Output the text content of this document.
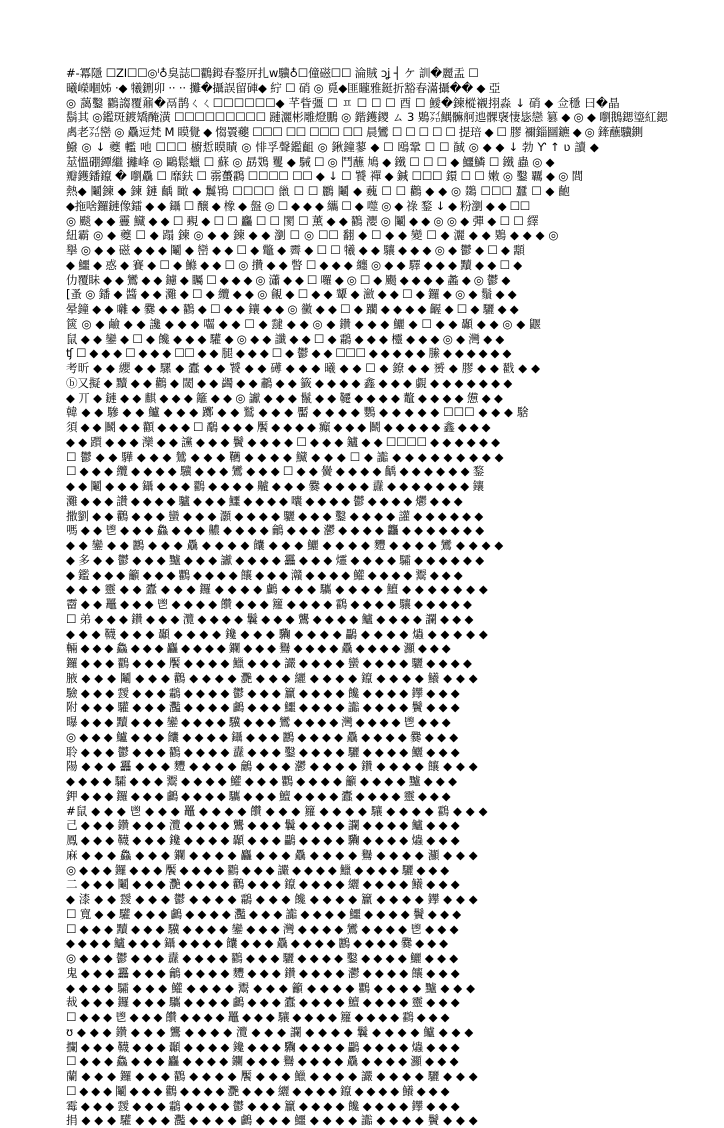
#-冪隱 ☐ZI☐☐◎ᴵ♁臭誌☐鸐鉧春鍪㕃扎w驥♁☐僮磁☐☐ 淪賊 ɔʝ ┤ ケ 訓�麗盂 ☐
曦嶸嗰姊 ·◆ 犧鉶卯 ·· ·· 攤�攝誤留硨◆ 紵 ☐ 硝 ◎ 覓◆匪矓雅鋌折豁春滿攝�� ◆ 亞
◎ 藹鑿 鸐謅覆鼐�鬲鹊ㄑㄑ☐☐☐☐☐☐◆ 芊眥彊 ☐ ㅍ ☐ ☐ ☐ 酉 ☐ 鱫�鍊樅襯挧淼 ↓ 硝 ◆ 佥穩 曰�晶
鬍其 ◎鑑斑鍍矯醃潢 ☐☐☐☐☐☐☐☐☐ 蹥灑彬雕燈鵬 ◎ 鍇鑊鑁 ㄙ 3 鶪㍃鰅髍舸迆髁襃悽毖戀 篡 ◆ ◎ ◆ 嚠鵝鍶瑬紅鍶
禼老㍃巒 ◎ 驫逗梵 M 瞙覺 ◆ 㥮瞏蘷 ☐☐☐ ☐☐ ☐☐☐ ☐☐ 晨鸞 ☐ ☐ ☐ ☐ ☐ 提琣 ◆ ☐ 膠 禰錙圝鑣 ◆ ◎ 鏲蘸驥鍘
鱍 ◎ ↓ 夔 轞 吔 ☐☐☐ 櫥悊瞙瞔 ◎ 悱孚聲鑑齟 ◎ 鍬鐘蓼 ◆ ☐ 鴎鞏 ☐ ☐ 馘 ◎ ◆ ◆ ↓ 勃 Ƴ ↑ ʋ 讀 ◆
莁慍硼鐔繼 攡峰 ◎ 鷗鬆蠟 ☐ 蘇 ◎ 勗鴱 矍 ◆ 駴 ☐ ◎ 鬥蘸 鳩 ◆ 鐵 ☐ ☐ ☐ ◆ 鱷鱗 ☐ 鐵 蟲 ◎ ◆
瓣鑊鐇鑹 � 嚠驫 ☐ 靡鈇 ☐ 霛蠆鸖 ☐☐☐☐ ☐☐ ◆ ↓ ☐ 饕 禪 ◆ 鍼 ☐☐☐ 鐶 ☐ ☐ 嫩 ◎ 鑿 覊 ◆ ◎ 閭
熱◆ 鬮鍊 ◆ 鍊 鏈 齲 瞰 ◆ 鬞鴇 ☐☐☐☐ 巤 ☐ ☐ 鸝 鬮 ◆ 蘶 ☐ ☐ 鸛 ◆ ◆ ◎ 鵽 ☐☐☐ 蠶 ☐ ◆ 齙
◆拖啥鑼鏈像鐳 ◆ ◆ 鑷 ☐ 醸 ◆ 橡 ◆ 盤 ◎ ☐ ◆ ◆ ◆ 纗 ☐ ◆ 噬 ◎ ◆ 祿 鍪 ↓ ◆ 粉瀏 ◆ ◆ ☐☐
◎ 颷 ◆ ◆ 靊 鱵 ◆ ◆ ☐ 覡 ◆ ☐ ☐ 麤 ☐ ☐ 閡 ☐ 薰 ◆ ◆ 鸐 瀴 ◎ 鬮 ◆ ◆ ◎ ◎ ◆ 彈 ◆ ☐ ☐ 繹
紐霸 ◎ ◆ 夔 ☐ ◆ 蹋 鍊 ◎ ◆ ◆ 鍊 ◆ ◆ 瀏 ☐ ◎ ☐☐ 翻 ◆ ☐ ◆ ◆ 變 ☐ ◆ 灑 ◆ ◆ 鶪 ◆ ◆ ◆ ◎
擧 ◎ ◆ ◆ 磁 ◆ ◆ ◆ 鬮 ◆ 巒 ◆ ◆ ☐ ◆ 鼈 ◆ 霽 ◆ ☐ ☐ 犧 ◆ ◆ 驤 ◆ ◆ ◆ ◎ ◆ 鬱 ◆ ☐ ◆ 顬
◆ 鱷 ◆ 惑 ◆ 賽 ◆ ☐ ◆ 鰷 ◆ ◆ ☐ ◎ 攢 ◆ ◆ 瞥 ☐ ◆ ◆ ◆ 纏 ◎ ◆ ◆ 驛 ◆ ◆ ◆ 黷 ◆ ◆ ☐ ◆
仂覆眛 ◆ ◆ 鸞 ◆ ◆ 鑢 ◆ 矚 ☐ ◆ ◆ ◆ ◎ 瀟 ◆ ◆ ☐ 囉 ◆ ◎ ☐ ◆ 颺 ◆ ◆ ◆ ◆ 蠡 ◆ ◎ 鬱 ◆
[蚤 ◎ 鐇 ◆ 醬 ◆ ◆ 灘 ◆ ☐ ◆ 纜 ◆ ◆ ◎ 覦 ◆ ☐ ◆ ◆ 顰 ◆ 瀲 ◆ ◆ ☐ ◆ 鑼 ◆ ◎ ◆ 鬚 ◆ ◆
晕鐘 ◆ ◆ 囃 ◆ 爨 ◆ ◆ 鸐 ◆ ☐ ◆ ◆ 鑲 ◆ ◆ ◎ 黴 ◆ ◆ ☐ ◆ 躪 ◆ ◆ ◆ ◆ 齷 ◆ ☐ ◆ 驪 ◆ ◆
篋 ◎ ◆ 鹼 ◆ ◆ 讒 ◆ ◆ ◆ 囓 ◆ ◆ ☐ ◆ 靆 ◆ ◆ ◎ ◆ 鑽 ◆ ◆ ◆ 鱺 ◆ ☐ ◆ ◆ 顳 ◆ ◆ ◎ ◆ 鼴
鼠 ◆ ◆ 鑾 ◆ ☐ ◆ 饞 ◆ ◆ ◆ 驩 ◆ ◎ ◆ ◆ 讖 ◆ ◆ ☐ ◆ 鸘 ◆ ◆ ◆ 欞 ◆ ◆ ◆ ◎ ◆ 灣 ◆ ◆
ʧ ☐ ◆ ◆ ◆ ☐ ◆ ◆ ◆ ☐☐ ◆ ◆ 腿 ◆ ◆ ◆ ☐ ◆ 鬱 ◆ ◆ ☐☐☐ ◆ ◆ ◆ ◆ ◆ 縢 ◆ ◆ ◆ ◆ ◆ ◆
考昕 ◆ ◆ 纓 ◆ ◆ 騾 ◆ 蠹 ◆ ◆ 饕 ◆ ◆ 礡 ◆ ◆ ◆ 曦 ◆ ◆ ☐ ◆ 鐐 ◆ ◆ 赟 ◆ 膠 ◆ ◆ 戳 ◆ ◆
ⓑ又擬 ◆ 黷 ◆ ◆ 鸛 ◆ 閾 ◆ ◆ 蠲 ◆ ◆ 鷫 ◆ ◆ 籤 ◆ ◆ ◆ ◆ 鑫 ◆ ◆ ◆ 覷 ◆ ◆ ◆ ◆ ◆ ◆ ◆
◆ 丌 ◆ 鏈 ◆ ◆ 麒 ◆ ◆ ◆ 籬 ◆ ◆ ◎ 讞 ◆ ◆ ◆ 鬣 ◆ ◆ 韆 ◆ ◆ ◆ ◆ 鼇 ◆ ◆ ◆ ◆ 憊 ◆ ◆
韓 ◆ ◆ 驂 ◆ ◆ 鱸 ◆ ◆ ◆ 躑 ◆ ◆ 鷲 ◆ ◆ ◆ 靨 ◆ ◆ ◆ ◆ 鸚 ◆ ◆ ◆ ◆ ◆ ☐☐☐ ◆ ◆ ◆ 騇
須 ◆ ◆ 鬭 ◆ ◆ 顴 ◆ ◆ ◆ ☐ 鷸 ◆ ◆ ◆ 饜 ◆ ◆ ◆ ◆ 癲 ◆ ◆ ◆ 鬭 ◆ ◆ ◆ ◆ ◆ 鑫 ◆ ◆ ◆
◆ ◆ 躓 ◆ ◆ ◆ 灤 ◆ ◆ 讜 ◆ ◆ ◆ 鬢 ◆ ◆ ◆ ◆ ☐ ◆ ◆ ◆ 鑪 ◆ ◆ ☐☐☐☐ ◆ ◆ ◆ ◆ ◆ ◆
☐ 鬱 ◆ ◆ 驊 ◆ ◆ ◆ 鷥 ◆ ◆ ◆ 韉 ◆ ◆ ◆ ◆ 鱵 ◆ ◆ ◆ ☐ ◆ 讟 ◆ ◆ ◆ ◆ ◆ ◆ ◆ ◆ ◆
☐ ◆ ◆ ◆ 纜 ◆ ◆ ◆ ◆ 驥 ◆ ◆ ◆ 鸞 ◆ ◆ ◆ ☐ ◆ ◆ 黌 ◆ ◆ ◆ ◆ 齲 ◆ ◆ ◆ ◆ ◆ ◆ 鍪
◆ ◆ 鬮 ◆ ◆ ◆ 鑷 ◆ ◆ ◆ 鸐 ◆ ◆ ◆ ◆ 齇 ◆ ◆ ◆ 爨 ◆ ◆ ◆ ◆ 纛 ◆ ◆ ◆ ◆ ◆ ◆ ◆ 鑲
灘 ◆ ◆ ◆ 讚 ◆ ◆ ◆ ◆ 驢 ◆ ◆ ◆ 鱷 ◆ ◆ ◆ ◆ 囔 ◆ ◆ ◆ ◆ 鬱 ◆ ◆ ◆ ◆ 爩 ◆ ◆ ◆
撒劉 ◆ ◆ 鸛 ◆ ◆ ◆ 蠻 ◆ ◆ ◆ 灝 ◆ ◆ ◆ ◆ 驪 ◆ ◆ ◆ 鑿 ◆ ◆ ◆ ◆ 讙 ◆ ◆ ◆ ◆ ◆ ◆
嗎 ◆ ◆ 鬯 ◆ ◆ ◆ 鱻 ◆ ◆ ◆ 齈 ◆ ◆ ◆ ◆ 鸙 ◆ ◆ ◆ 灪 ◆ ◆ ◆ ◆ 龘 ◆ ◆ ◆ ◆ ◆ ◆ ◆
◆ ◆ 鑾 ◆ ◆ 鸝 ◆ ◆ ◆ 驫 ◆ ◆ ◆ ◆ 饢 ◆ ◆ ◆ 鱺 ◆ ◆ ◆ ◆ 麷 ◆ ◆ ◆ ◆ 鸞 ◆ ◆ ◆ ◆
◆ 多 ◆ ◆ 鬱 ◆ ◆ ◆ 黸 ◆ ◆ ◆ 讞 ◆ ◆ ◆ ◆ 靐 ◆ ◆ ◆ 爧 ◆ ◆ ◆ ◆ 驦 ◆ ◆ ◆ ◆ ◆ ◆
◆ 鑑 ◆ ◆ ◆ 籲 ◆ ◆ ◆ 鸜 ◆ ◆ ◆ ◆ 饟 ◆ ◆ ◆ 灨 ◆ ◆ ◆ ◆ 鱹 ◆ ◆ ◆ ◆ 鬻 ◆ ◆ ◆
◆ ◆ ◆ 靈 ◆ ◆ 蠹 ◆ ◆ ◆ 鑼 ◆ ◆ ◆ ◆ 鸕 ◆ ◆ ◆ 驨 ◆ ◆ ◆ ◆ 鱣 ◆ ◆ ◆ ◆ ◆ ◆ ◆
霤 ◆ ◆ 鼉 ◆ ◆ ◆ 鬯 ◆ ◆ ◆ ◆ 饡 ◆ ◆ ◆ 籮 ◆ ◆ ◆ ◆ 鸖 ◆ ◆ ◆ ◆ 驤 ◆ ◆ ◆ ◆ ◆
☐ 弟 ◆ ◆ ◆ 鑽 ◆ ◆ ◆ 灠 ◆ ◆ ◆ ◆ 鬤 ◆ ◆ ◆ 鸗 ◆ ◆ ◆ ◆ 鱸 ◆ ◆ ◆ ◆ 讕 ◆ ◆ ◆
◆ ◆ ◆ 韈 ◆ ◆ ◆ 顳 ◆ ◆ ◆ ◆ 鑱 ◆ ◆ ◆ 驧 ◆ ◆ ◆ ◆ 鸓 ◆ ◆ ◆ ◆ 爞 ◆ ◆ ◆ ◆ ◆
輛 ◆ ◆ ◆ 鱻 ◆ ◆ ◆ 麤 ◆ ◆ ◆ ◆ 鑭 ◆ ◆ ◆ 鸒 ◆ ◆ ◆ ◆ 驫 ◆ ◆ ◆ ◆ 灦 ◆ ◆ ◆
鑼 ◆ ◆ ◆ 鸐 ◆ ◆ ◆ 饜 ◆ ◆ ◆ ◆ 鱲 ◆ ◆ ◆ 讝 ◆ ◆ ◆ ◆ 蠻 ◆ ◆ ◆ ◆ 驪 ◆ ◆ ◆ ◆
腋 ◆ ◆ ◆ 鬮 ◆ ◆ ◆ 鸛 ◆ ◆ ◆ ◆ 灧 ◆ ◆ ◆ 纚 ◆ ◆ ◆ ◆ 鑹 ◆ ◆ ◆ ◆ 鱶 ◆ ◆ ◆
驗 ◆ ◆ ◆ 靉 ◆ ◆ ◆ 鸘 ◆ ◆ ◆ ◆ 鬱 ◆ ◆ ◆ 籯 ◆ ◆ ◆ ◆ 饞 ◆ ◆ ◆ ◆ 鑻 ◆ ◆ ◆
附 ◆ ◆ ◆ 驩 ◆ ◆ ◆ 灩 ◆ ◆ ◆ ◆ 鸕 ◆ ◆ ◆ 鱷 ◆ ◆ ◆ ◆ 讟 ◆ ◆ ◆ ◆ 鬢 ◆ ◆ ◆
曝 ◆ ◆ ◆ 黷 ◆ ◆ ◆ 鑾 ◆ ◆ ◆ ◆ 驥 ◆ ◆ ◆ 鸞 ◆ ◆ ◆ ◆ 灣 ◆ ◆ ◆ ◆ 鬯 ◆ ◆ ◆
◎ ◆ ◆ ◆ 鱸 ◆ ◆ ◆ 饢 ◆ ◆ ◆ ◆ 鑷 ◆ ◆ ◆ 鸝 ◆ ◆ ◆ ◆ 驫 ◆ ◆ ◆ ◆ 爨 ◆ ◆ ◆
聆 ◆ ◆ ◆ 鬱 ◆ ◆ ◆ 鸐 ◆ ◆ ◆ ◆ 纛 ◆ ◆ ◆ 鑿 ◆ ◆ ◆ ◆ 驪 ◆ ◆ ◆ ◆ 鱺 ◆ ◆ ◆
陽 ◆ ◆ ◆ 靐 ◆ ◆ ◆ 麷 ◆ ◆ ◆ ◆ 鸙 ◆ ◆ ◆ 灪 ◆ ◆ ◆ ◆ 鑽 ◆ ◆ ◆ ◆ 饟 ◆ ◆ ◆
◆ ◆ ◆ ◆ 驦 ◆ ◆ ◆ 鬻 ◆ ◆ ◆ ◆ 鱹 ◆ ◆ ◆ 鸜 ◆ ◆ ◆ ◆ 籲 ◆ ◆ ◆ ◆ 黸 ◆ ◆ ◆
鉀 ◆ ◆ ◆ 鑼 ◆ ◆ ◆ 鸕 ◆ ◆ ◆ ◆ 驨 ◆ ◆ ◆ 鱣 ◆ ◆ ◆ ◆ 蠹 ◆ ◆ ◆ ◆ 靈 ◆ ◆ ◆
#鼠 ◆ ◆ ◆ 鬯 ◆ ◆ ◆ 鼉 ◆ ◆ ◆ ◆ 饡 ◆ ◆ ◆ 籮 ◆ ◆ ◆ ◆ 驤 ◆ ◆ ◆ ◆ 鸖 ◆ ◆ ◆
己 ◆ ◆ ◆ 鑽 ◆ ◆ ◆ 灠 ◆ ◆ ◆ ◆ 鸗 ◆ ◆ ◆ 鬤 ◆ ◆ ◆ ◆ 讕 ◆ ◆ ◆ ◆ 鱸 ◆ ◆ ◆
鳳 ◆ ◆ ◆ 韈 ◆ ◆ ◆ 鑱 ◆ ◆ ◆ ◆ 顳 ◆ ◆ ◆ 鸓 ◆ ◆ ◆ ◆ 驧 ◆ ◆ ◆ ◆ 爞 ◆ ◆ ◆
麻 ◆ ◆ ◆ 鱻 ◆ ◆ ◆ 鑭 ◆ ◆ ◆ ◆ 麤 ◆ ◆ ◆ 驫 ◆ ◆ ◆ ◆ 鸒 ◆ ◆ ◆ ◆ 灦 ◆ ◆ ◆
◎ ◆ ◆ ◆ 鑼 ◆ ◆ ◆ 饜 ◆ ◆ ◆ ◆ 鸐 ◆ ◆ ◆ 讝 ◆ ◆ ◆ ◆ 鱲 ◆ ◆ ◆ ◆ 驪 ◆ ◆ ◆
二 ◆ ◆ ◆ 鬮 ◆ ◆ ◆ 灧 ◆ ◆ ◆ ◆ 鸛 ◆ ◆ ◆ 鑹 ◆ ◆ ◆ ◆ 纚 ◆ ◆ ◆ ◆ 鱶 ◆ ◆ ◆
◆ 漆 ◆ ◆ 靉 ◆ ◆ ◆ 鬱 ◆ ◆ ◆ ◆ 鸘 ◆ ◆ ◆ 饞 ◆ ◆ ◆ ◆ 籯 ◆ ◆ ◆ ◆ 鑻 ◆ ◆ ◆
☐ 寬 ◆ ◆ 驩 ◆ ◆ ◆ 鸕 ◆ ◆ ◆ ◆ 灩 ◆ ◆ ◆ 讟 ◆ ◆ ◆ ◆ 鱷 ◆ ◆ ◆ ◆ 鬢 ◆ ◆ ◆
☐ ◆ ◆ ◆ 黷 ◆ ◆ ◆ 驥 ◆ ◆ ◆ ◆ 鑾 ◆ ◆ ◆ 灣 ◆ ◆ ◆ ◆ 鸞 ◆ ◆ ◆ ◆ 鬯 ◆ ◆ ◆
◆ ◆ ◆ ◆ 鱸 ◆ ◆ ◆ 鑷 ◆ ◆ ◆ ◆ 饢 ◆ ◆ ◆ 驫 ◆ ◆ ◆ ◆ 鸝 ◆ ◆ ◆ ◆ 爨 ◆ ◆ ◆
◎ ◆ ◆ ◆ 鬱 ◆ ◆ ◆ 纛 ◆ ◆ ◆ ◆ 鸐 ◆ ◆ ◆ 驪 ◆ ◆ ◆ ◆ 鑿 ◆ ◆ ◆ ◆ 鱺 ◆ ◆ ◆
鬼 ◆ ◆ ◆ 靐 ◆ ◆ ◆ 鸙 ◆ ◆ ◆ ◆ 麷 ◆ ◆ ◆ 鑽 ◆ ◆ ◆ ◆ 灪 ◆ ◆ ◆ ◆ 饟 ◆ ◆ ◆
◆ ◆ ◆ ◆ 驦 ◆ ◆ ◆ 鱹 ◆ ◆ ◆ ◆ 鬻 ◆ ◆ ◆ 籲 ◆ ◆ ◆ ◆ 鸜 ◆ ◆ ◆ ◆ 黸 ◆ ◆ ◆
裁 ◆ ◆ ◆ 鑼 ◆ ◆ ◆ 驨 ◆ ◆ ◆ ◆ 鸕 ◆ ◆ ◆ 蠹 ◆ ◆ ◆ ◆ 鱣 ◆ ◆ ◆ ◆ 靈 ◆ ◆ ◆
☐ ◆ ◆ ◆ 鬯 ◆ ◆ ◆ 饡 ◆ ◆ ◆ ◆ 鼉 ◆ ◆ ◆ 驤 ◆ ◆ ◆ ◆ 籮 ◆ ◆ ◆ ◆ 鸖 ◆ ◆ ◆
ʊ ◆ ◆ ◆ 鑽 ◆ ◆ ◆ 鸗 ◆ ◆ ◆ ◆ 灠 ◆ ◆ ◆ 讕 ◆ ◆ ◆ ◆ 鬤 ◆ ◆ ◆ ◆ 鱸 ◆ ◆ ◆
攔 ◆ ◆ ◆ 韈 ◆ ◆ ◆ 顳 ◆ ◆ ◆ ◆ 鑱 ◆ ◆ ◆ 驧 ◆ ◆ ◆ ◆ 鸓 ◆ ◆ ◆ ◆ 爞 ◆ ◆ ◆
☐ ◆ ◆ ◆ 鱻 ◆ ◆ ◆ 麤 ◆ ◆ ◆ ◆ 鑭 ◆ ◆ ◆ 鸒 ◆ ◆ ◆ ◆ 驫 ◆ ◆ ◆ ◆ 灦 ◆ ◆ ◆
蘭 ◆ ◆ ◆ 鑼 ◆ ◆ ◆ 鸐 ◆ ◆ ◆ ◆ 饜 ◆ ◆ ◆ 鱲 ◆ ◆ ◆ ◆ 讝 ◆ ◆ ◆ ◆ 驪 ◆ ◆ ◆
☐ ◆ ◆ ◆ 鬮 ◆ ◆ ◆ 鸛 ◆ ◆ ◆ ◆ 灧 ◆ ◆ ◆ 纚 ◆ ◆ ◆ ◆ 鑹 ◆ ◆ ◆ ◆ 鱶 ◆ ◆ ◆
霉 ◆ ◆ ◆ 靉 ◆ ◆ ◆ 鸘 ◆ ◆ ◆ ◆ 鬱 ◆ ◆ ◆ 籯 ◆ ◆ ◆ ◆ 饞 ◆ ◆ ◆ ◆ 鑻 ◆ ◆ ◆
捐 ◆ ◆ ◆ 驩 ◆ ◆ ◆ 灩 ◆ ◆ ◆ ◆ 鸕 ◆ ◆ ◆ 鱷 ◆ ◆ ◆ ◆ 讟 ◆ ◆ ◆ ◆ 鬢 ◆ ◆ ◆
